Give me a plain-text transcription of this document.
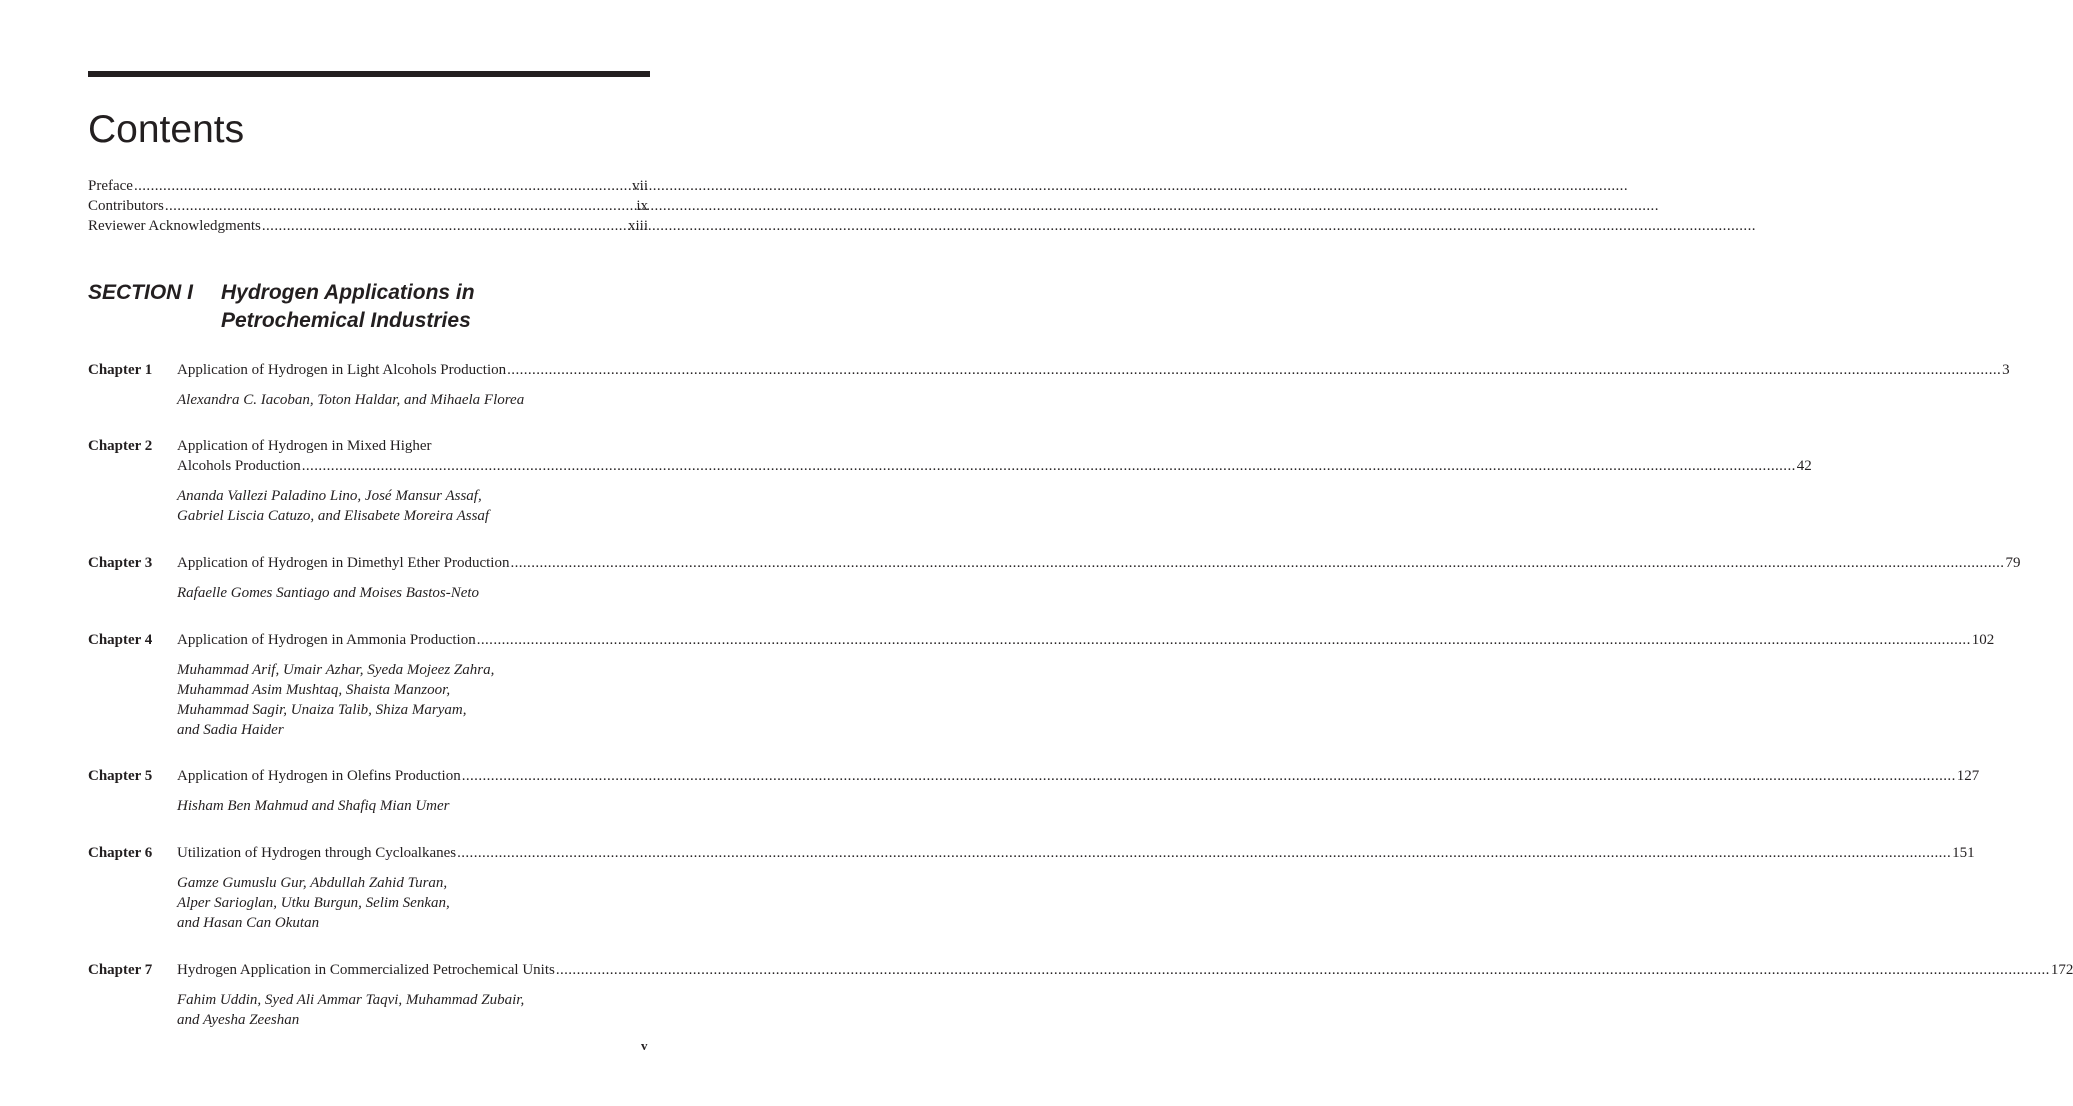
Contents
Preface .....	vii
Contributors .....	ix
Reviewer Acknowledgments .....	xiii
SECTION I	Hydrogen Applications in
Petrochemical Industries
Chapter 1	Application of Hydrogen in Light Alcohols Production .....	3
Alexandra C. Iacoban, Toton Haldar, and Mihaela Florea
Chapter 2	Application of Hydrogen in Mixed Higher
Alcohols Production .....	42
Ananda Vallezi Paladino Lino, José Mansur Assaf,
Gabriel Liscia Catuzo, and Elisabete Moreira Assaf
Chapter 3	Application of Hydrogen in Dimethyl Ether Production .....	79
Rafaelle Gomes Santiago and Moises Bastos-Neto
Chapter 4	Application of Hydrogen in Ammonia Production .....	102
Muhammad Arif, Umair Azhar, Syeda Mojeez Zahra,
Muhammad Asim Mushtaq, Shaista Manzoor,
Muhammad Sagir, Unaiza Talib, Shiza Maryam,
and Sadia Haider
Chapter 5	Application of Hydrogen in Olefins Production .....	127
Hisham Ben Mahmud and Shafiq Mian Umer
Chapter 6	Utilization of Hydrogen through Cycloalkanes .....	151
Gamze Gumuslu Gur, Abdullah Zahid Turan,
Alper Sarioglan, Utku Burgun, Selim Senkan,
and Hasan Can Okutan
Chapter 7	Hydrogen Application in Commercialized Petrochemical Units .....	172
Fahim Uddin, Syed Ali Ammar Taqvi, Muhammad Zubair,
and Ayesha Zeeshan
v
